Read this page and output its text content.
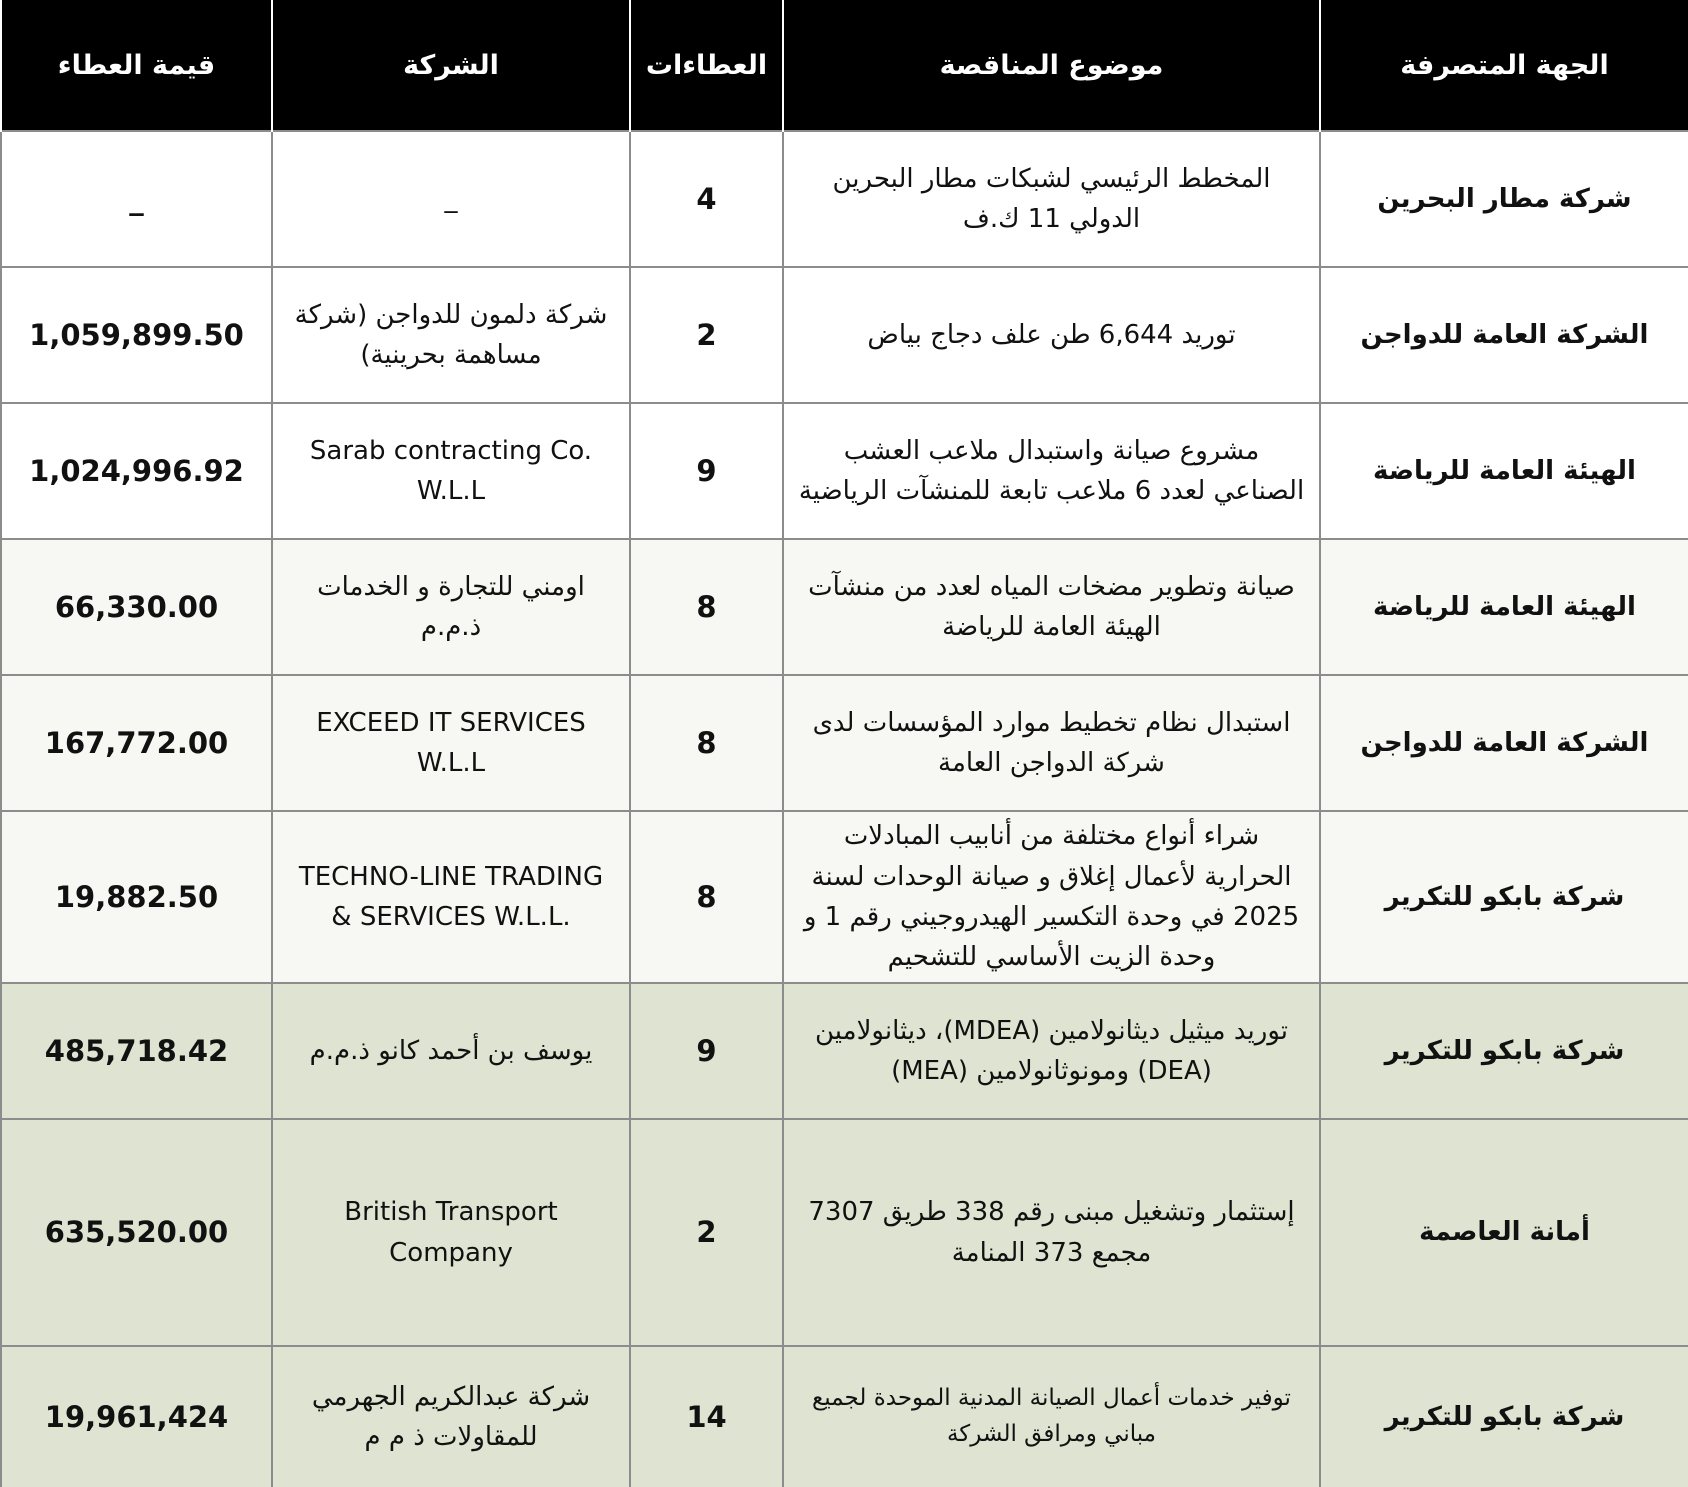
الجهة المتصرفة	موضوع المناقصة	العطاءات	الشركة	قيمة العطاء
شركة مطار البحرين	المخطط الرئيسي لشبكات مطار البحرين الدولي 11 ك.ف	4	_	_
الشركة العامة للدواجن	توريد 6,644 طن علف دجاج بياض	2	شركة دلمون للدواجن (شركة مساهمة بحرينية)	1,059,899.50
الهيئة العامة للرياضة	مشروع صيانة واستبدال ملاعب العشب الصناعي لعدد 6 ملاعب تابعة للمنشآت الرياضية	9	Sarab contracting Co. W.L.L	1,024,996.92
الهيئة العامة للرياضة	صيانة وتطوير مضخات المياه لعدد من منشآت الهيئة العامة للرياضة	8	اومني للتجارة و الخدمات ذ.م.م	66,330.00
الشركة العامة للدواجن	استبدال نظام تخطيط موارد المؤسسات لدى شركة الدواجن العامة	8	EXCEED IT SERVICES W.L.L	167,772.00
شركة بابكو للتكرير	شراء أنواع مختلفة من أنابيب المبادلات الحرارية لأعمال إغلاق و صيانة الوحدات لسنة 2025 في وحدة التكسير الهيدروجيني رقم 1 و وحدة الزيت الأساسي للتشحيم	8	TECHNO-LINE TRADING & SERVICES W.L.L.	19,882.50
شركة بابكو للتكرير	توريد ميثيل ديثانولامين (MDEA)، ديثانولامين (DEA) ومونوثانولامين (MEA)	9	يوسف بن أحمد كانو ذ.م.م	485,718.42
أمانة العاصمة	إستثمار وتشغيل مبنى رقم 338 طريق 7307 مجمع 373 المنامة	2	British Transport Company	635,520.00
شركة بابكو للتكرير	توفير خدمات أعمال الصيانة المدنية الموحدة لجميع مباني ومرافق الشركة	14	شركة عبدالكريم الجهرمي للمقاولات ذ م م	19,961,424
